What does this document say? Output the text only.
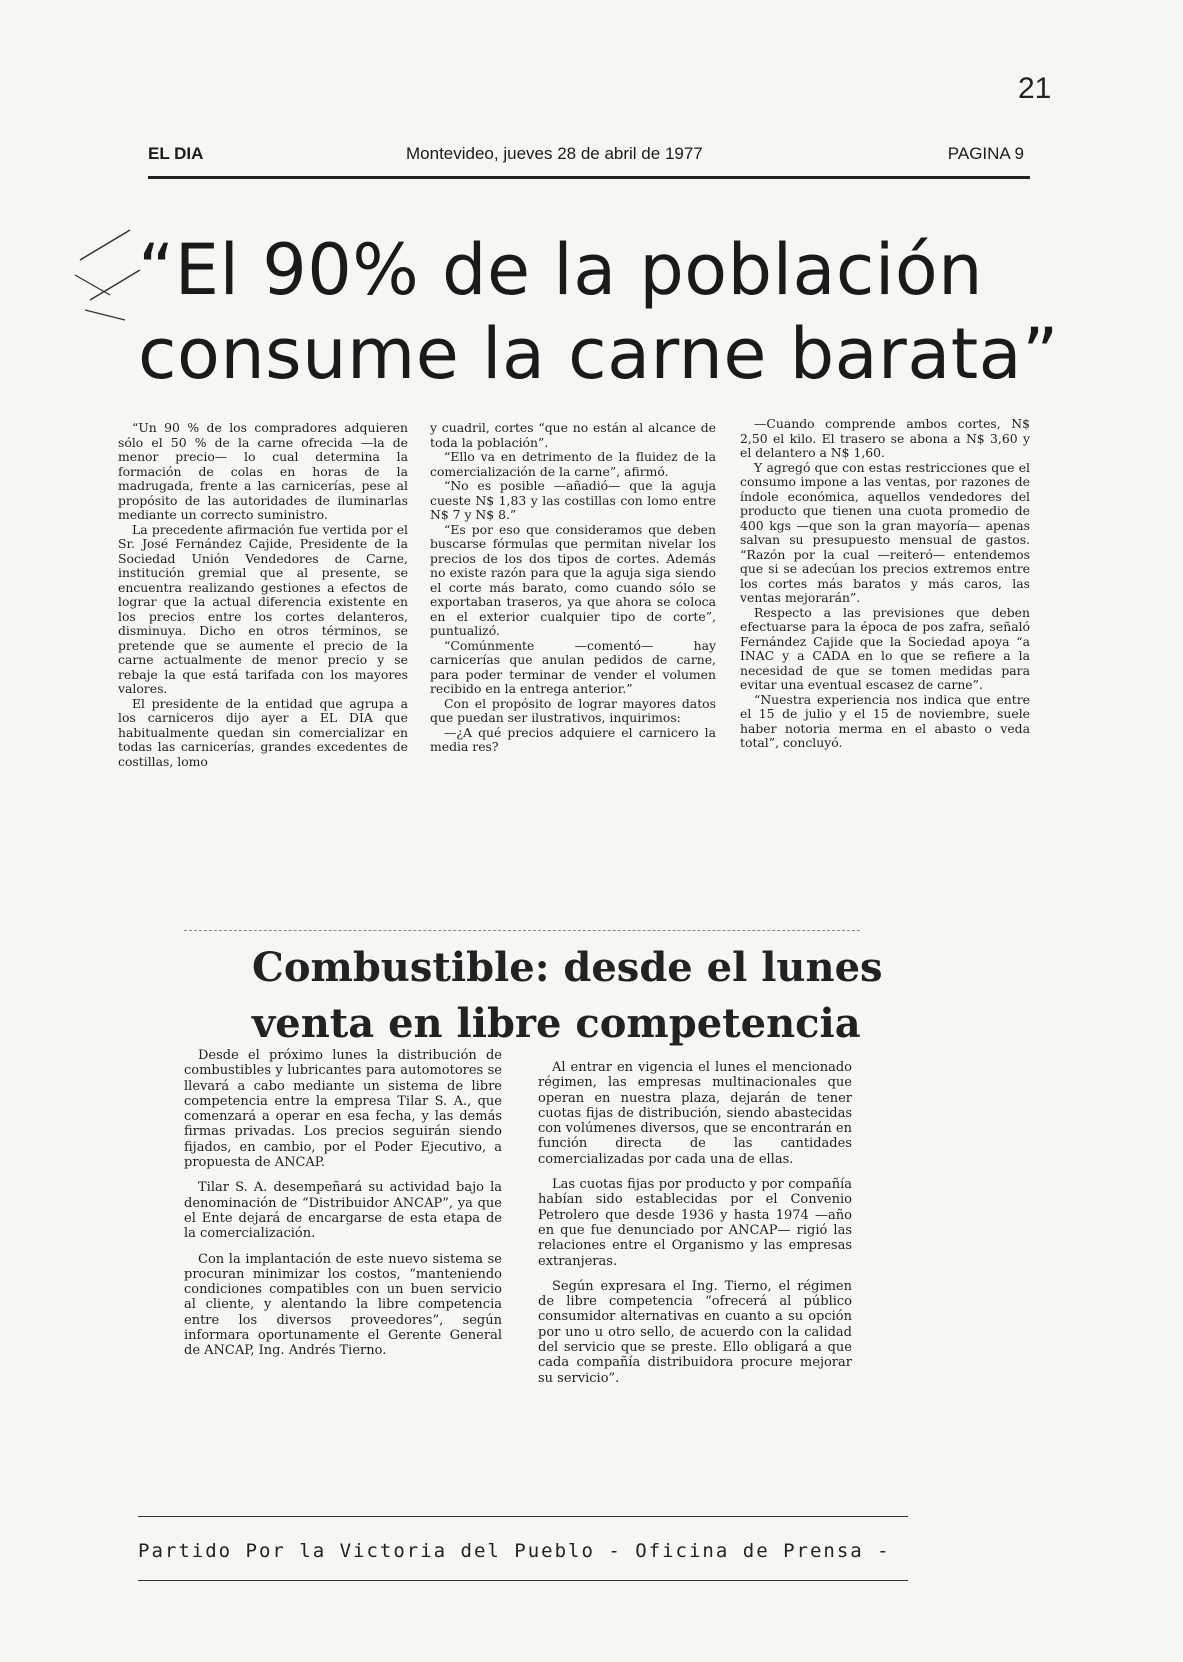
21
EL DIA	Montevideo, jueves 28 de abril de 1977	PAGINA 9
“El 90% de la población
consume la carne barata”

“Un 90 % de los compradores adquieren sólo el 50 % de la carne ofrecida —la de menor precio— lo cual determina la formación de colas en horas de la madrugada, frente a las carnicerías, pese al propósito de las autoridades de iluminarlas mediante un correcto suministro.

La precedente afirmación fue vertida por el Sr. José Fernández Cajide, Presidente de la Sociedad Unión Vendedores de Carne, institución gremial que al presente, se encuentra realizando gestiones a efectos de lograr que la actual diferencia existente en los precios entre los cortes delanteros, disminuya. Dicho en otros términos, se pretende que se aumente el precio de la carne actualmente de menor precio y se rebaje la que está tarifada con los mayores valores.

El presidente de la entidad que agrupa a los carniceros dijo ayer a EL DIA que habitualmente quedan sin comercializar en todas las carnicerías, grandes excedentes de costillas, lomo

y cuadril, cortes “que no están al alcance de toda la población”.

“Ello va en detrimento de la fluidez de la comercialización de la carne”, afirmó.

“No es posible —añadió— que la aguja cueste N$ 1,83 y las costillas con lomo entre N$ 7 y N$ 8.”

“Es por eso que consideramos que deben buscarse fórmulas que permitan nivelar los precios de los dos tipos de cortes. Además no existe razón para que la aguja siga siendo el corte más barato, como cuando sólo se exportaban traseros, ya que ahora se coloca en el exterior cualquier tipo de corte”, puntualizó.

“Comúnmente —comentó— hay carnicerías que anulan pedidos de carne, para poder terminar de vender el volumen recibido en la entrega anterior.”

Con el propósito de lograr mayores datos que puedan ser ilustrativos, inquirimos:

—¿A qué precios adquiere el carnicero la media res?

—Cuando comprende ambos cortes, N$ 2,50 el kilo. El trasero se abona a N$ 3,60 y el delantero a N$ 1,60.

Y agregó que con estas restricciones que el consumo impone a las ventas, por razones de índole económica, aquellos vendedores del producto que tienen una cuota promedio de 400 kgs —que son la gran mayoría— apenas salvan su presupuesto mensual de gastos. “Razón por la cual —reiteró— entendemos que si se adecúan los precios extremos entre los cortes más baratos y más caros, las ventas mejorarán”.

Respecto a las previsiones que deben efectuarse para la época de pos zafra, señaló Fernández Cajide que la Sociedad apoya “a INAC y a CADA en lo que se refiere a la necesidad de que se tomen medidas para evitar una eventual escasez de carne”.

“Nuestra experiencia nos indica que entre el 15 de julio y el 15 de noviembre, suele haber notoria merma en el abasto o veda total”, concluyó.

Combustible: desde el lunes
venta en libre competencia

Desde el próximo lunes la distribución de combustibles y lubricantes para automotores se llevará a cabo mediante un sistema de libre competencia entre la empresa Tilar S. A., que comenzará a operar en esa fecha, y las demás firmas privadas. Los precios seguirán siendo fijados, en cambio, por el Poder Ejecutivo, a propuesta de ANCAP.

Tilar S. A. desempeñará su actividad bajo la denominación de “Distribuidor ANCAP”, ya que el Ente dejará de encargarse de esta etapa de la comercialización.

Con la implantación de este nuevo sistema se procuran minimizar los costos, “manteniendo condiciones compatibles con un buen servicio al cliente, y alentando la libre competencia entre los diversos proveedores”, según informara oportunamente el Gerente General de ANCAP, Ing. Andrés Tierno.

Al entrar en vigencia el lunes el mencionado régimen, las empresas multinacionales que operan en nuestra plaza, dejarán de tener cuotas fijas de distribución, siendo abastecidas con volúmenes diversos, que se encontrarán en función directa de las cantidades comercializadas por cada una de ellas.

Las cuotas fijas por producto y por compañía habían sido establecidas por el Convenio Petrolero que desde 1936 y hasta 1974 —año en que fue denunciado por ANCAP— rigió las relaciones entre el Organismo y las empresas extranjeras.

Según expresara el Ing. Tierno, el régimen de libre competencia “ofrecerá al público consumidor alternativas en cuanto a su opción por uno u otro sello, de acuerdo con la calidad del servicio que se preste. Ello obligará a que cada compañía distribuidora procure mejorar su servicio”.

Partido Por la Victoria del Pueblo - Oficina de Prensa -
